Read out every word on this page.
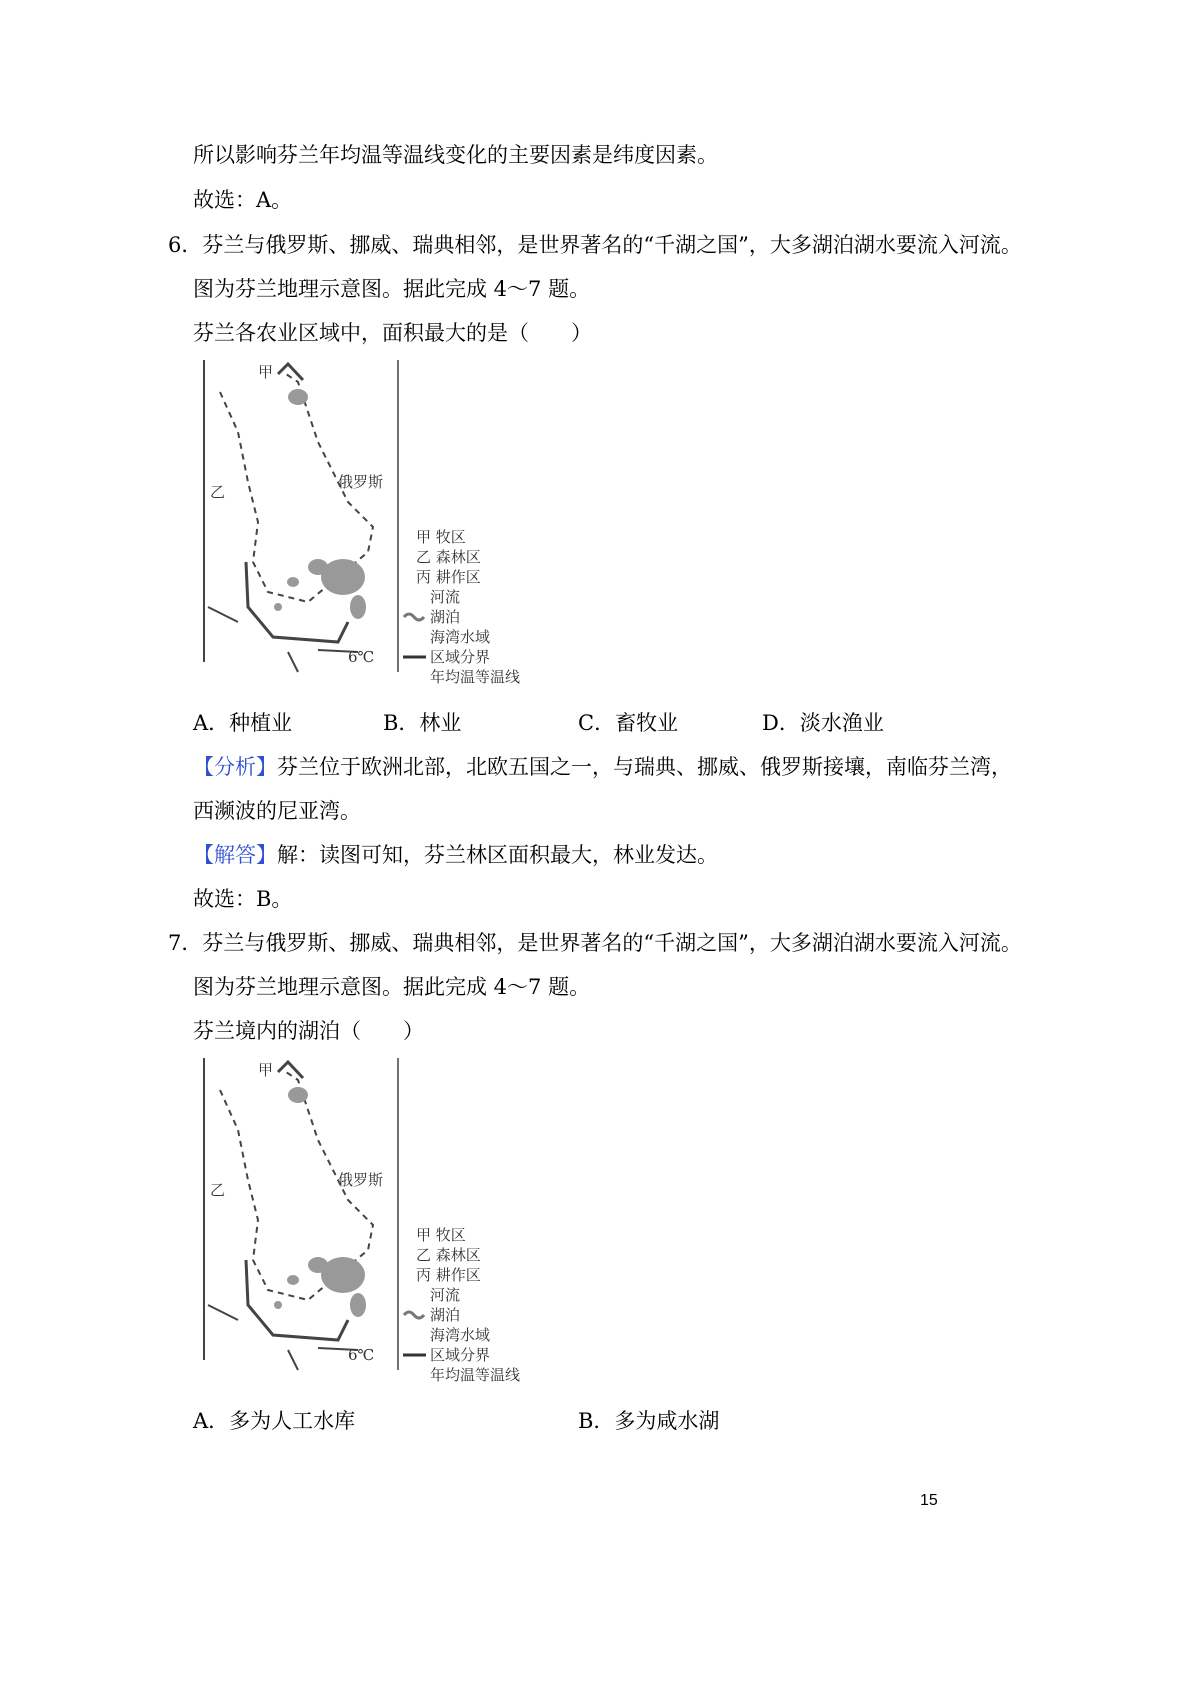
所以影响芬兰年均温等温线变化的主要因素是纬度因素。
故选：A。
6．芬兰与俄罗斯、挪威、瑞典相邻，是世界著名的“千湖之国”，大多湖泊湖水要流入河流。
图为芬兰地理示意图。据此完成 4～7 题。
芬兰各农业区域中，面积最大的是（　　）
甲
俄罗斯
乙
6℃
甲 牧区
乙 森林区
丙 耕作区
河流
湖泊
海湾水域
区域分界
年均温等温线
A．种植业	B．林业	C．畜牧业	D．淡水渔业
【分析】芬兰位于欧洲北部，北欧五国之一，与瑞典、挪威、俄罗斯接壤，南临芬兰湾，
西濒波的尼亚湾。
【解答】解：读图可知，芬兰林区面积最大，林业发达。
故选：B。
7．芬兰与俄罗斯、挪威、瑞典相邻，是世界著名的“千湖之国”，大多湖泊湖水要流入河流。
图为芬兰地理示意图。据此完成 4～7 题。
芬兰境内的湖泊（　　）
甲
俄罗斯
乙
6℃
甲 牧区
乙 森林区
丙 耕作区
河流
湖泊
海湾水域
区域分界
年均温等温线
A．多为人工水库	B．多为咸水湖
15
